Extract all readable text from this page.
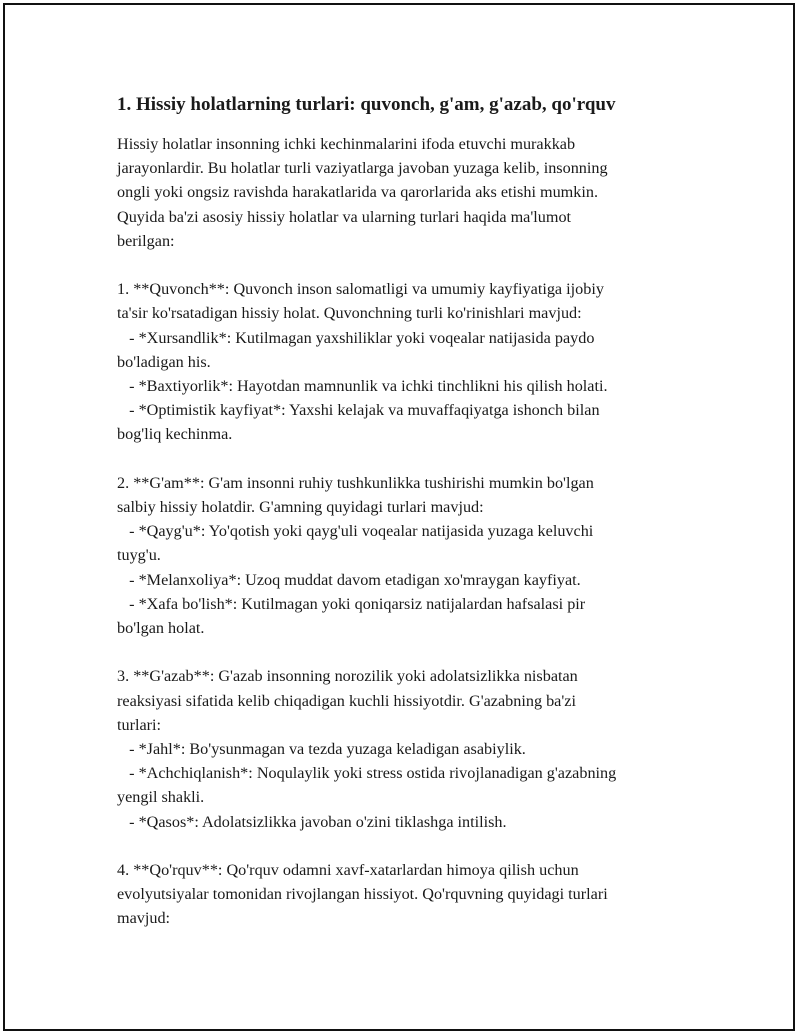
1. Hissiy holatlarning turlari: quvonch, g'am, g'azab, qo'rquv

Hissiy holatlar insonning ichki kechinmalarini ifoda etuvchi murakkab
jarayonlardir. Bu holatlar turli vaziyatlarga javoban yuzaga kelib, insonning
ongli yoki ongsiz ravishda harakatlarida va qarorlarida aks etishi mumkin.
Quyida ba'zi asosiy hissiy holatlar va ularning turlari haqida ma'lumot
berilgan:

1. **Quvonch**: Quvonch inson salomatligi va umumiy kayfiyatiga ijobiy
ta'sir ko'rsatadigan hissiy holat. Quvonchning turli ko'rinishlari mavjud:
- *Xursandlik*: Kutilmagan yaxshiliklar yoki voqealar natijasida paydo
bo'ladigan his.
- *Baxtiyorlik*: Hayotdan mamnunlik va ichki tinchlikni his qilish holati.
- *Optimistik kayfiyat*: Yaxshi kelajak va muvaffaqiyatga ishonch bilan
bog'liq kechinma.

2. **G'am**: G'am insonni ruhiy tushkunlikka tushirishi mumkin bo'lgan
salbiy hissiy holatdir. G'amning quyidagi turlari mavjud:
- *Qayg'u*: Yo'qotish yoki qayg'uli voqealar natijasida yuzaga keluvchi
tuyg'u.
- *Melanxoliya*: Uzoq muddat davom etadigan xo'mraygan kayfiyat.
- *Xafa bo'lish*: Kutilmagan yoki qoniqarsiz natijalardan hafsalasi pir
bo'lgan holat.

3. **G'azab**: G'azab insonning norozilik yoki adolatsizlikka nisbatan
reaksiyasi sifatida kelib chiqadigan kuchli hissiyotdir. G'azabning ba'zi
turlari:
- *Jahl*: Bo'ysunmagan va tezda yuzaga keladigan asabiylik.
- *Achchiqlanish*: Noqulaylik yoki stress ostida rivojlanadigan g'azabning
yengil shakli.
- *Qasos*: Adolatsizlikka javoban o'zini tiklashga intilish.

4. **Qo'rquv**: Qo'rquv odamni xavf-xatarlardan himoya qilish uchun
evolyutsiyalar tomonidan rivojlangan hissiyot. Qo'rquvning quyidagi turlari
mavjud:
